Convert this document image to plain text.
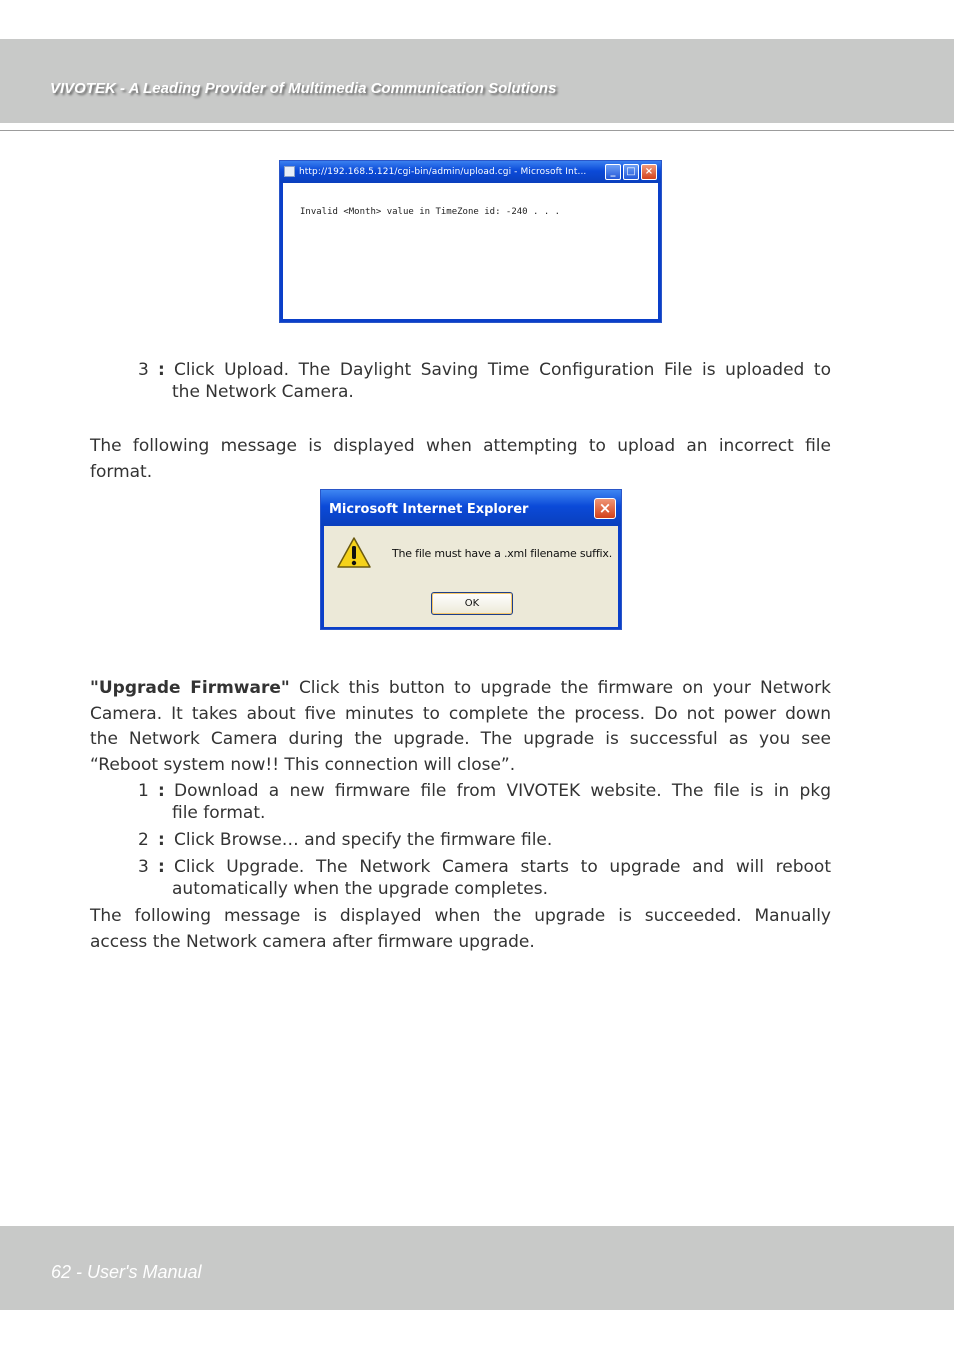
VIVOTEK - A Leading Provider of Multimedia Communication Solutions
http://192.168.5.121/cgi-bin/admin/upload.cgi - Microsoft Int...	_	□ ×
Invalid <Month> value in TimeZone id: -240 . . .
3 : Click Upload. The Daylight Saving Time Configuration File is uploaded to
the Network Camera.
The following message is displayed when attempting to upload an incorrect file
format.
Microsoft Internet Explorer	×
The file must have a .xml filename suffix.
OK
"Upgrade Firmware" Click this button to upgrade the firmware on your Network
Camera. It takes about five minutes to complete the process. Do not power down
the Network Camera during the upgrade. The upgrade is successful as you see
“Reboot system now!! This connection will close”.
1 : Download a new firmware file from VIVOTEK website. The file is in pkg
file format.
2 : Click Browse… and specify the firmware file.
3 : Click Upgrade. The Network Camera starts to upgrade and will reboot
automatically when the upgrade completes.
The following message is displayed when the upgrade is succeeded. Manually
access the Network camera after firmware upgrade.
62 - User's Manual
